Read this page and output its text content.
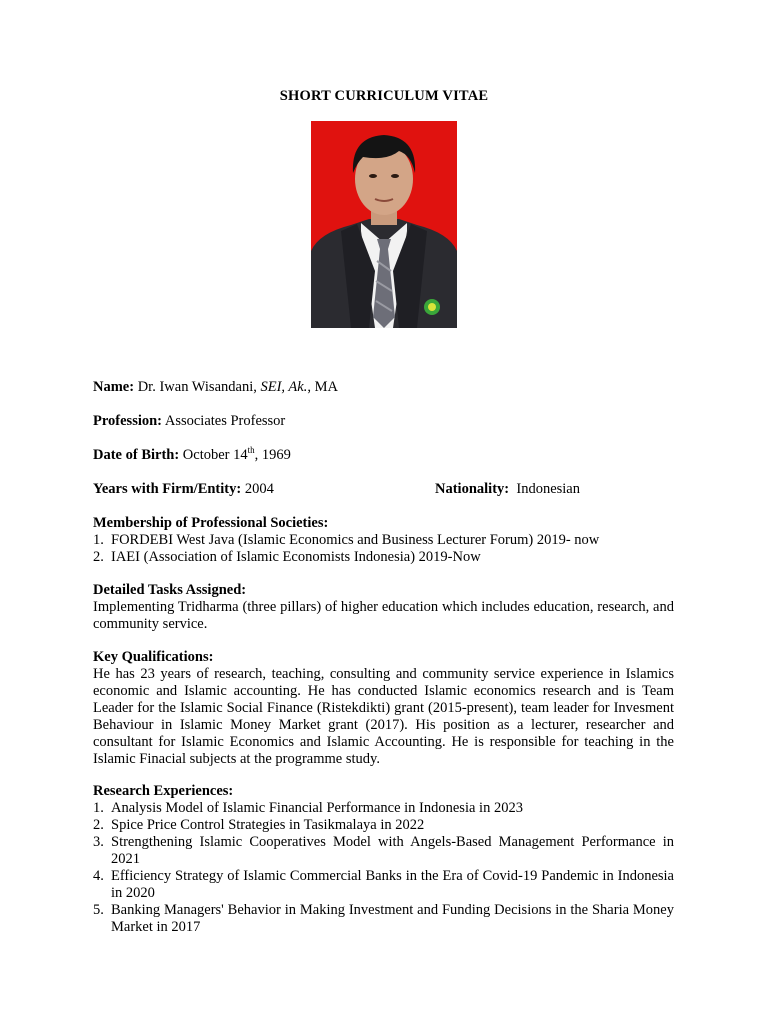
SHORT CURRICULUM VITAE
Name: Dr. Iwan Wisandani, SEI, Ak., MA
Profession: Associates Professor
Date of Birth: October 14th, 1969
Years with Firm/Entity: 2004	Nationality: Indonesian
Membership of Professional Societies:
1. FORDEBI West Java (Islamic Economics and Business Lecturer Forum) 2019- now
2. IAEI (Association of Islamic Economists Indonesia) 2019-Now
Detailed Tasks Assigned:

Implementing Tridharma (three pillars) of higher education which includes education, research, and community service.

Key Qualifications:

He has 23 years of research, teaching, consulting and community service experience in Islamics economic and Islamic accounting. He has conducted Islamic economics research and is Team Leader for the Islamic Social Finance (Ristekdikti) grant (2015-present), team leader for Invesment Behaviour in Islamic Money Market grant (2017). His position as a lecturer, researcher and consultant for Islamic Economics and Islamic Accounting. He is responsible for teaching in the Islamic Finacial subjects at the programme study.

Research Experiences:
1. Analysis Model of Islamic Financial Performance in Indonesia in 2023
2. Spice Price Control Strategies in Tasikmalaya in 2022
3. Strengthening Islamic Cooperatives Model with Angels-Based Management Performance in 2021
4. Efficiency Strategy of Islamic Commercial Banks in the Era of Covid-19 Pandemic in Indonesia in 2020
5. Banking Managers' Behavior in Making Investment and Funding Decisions in the Sharia Money Market in 2017
